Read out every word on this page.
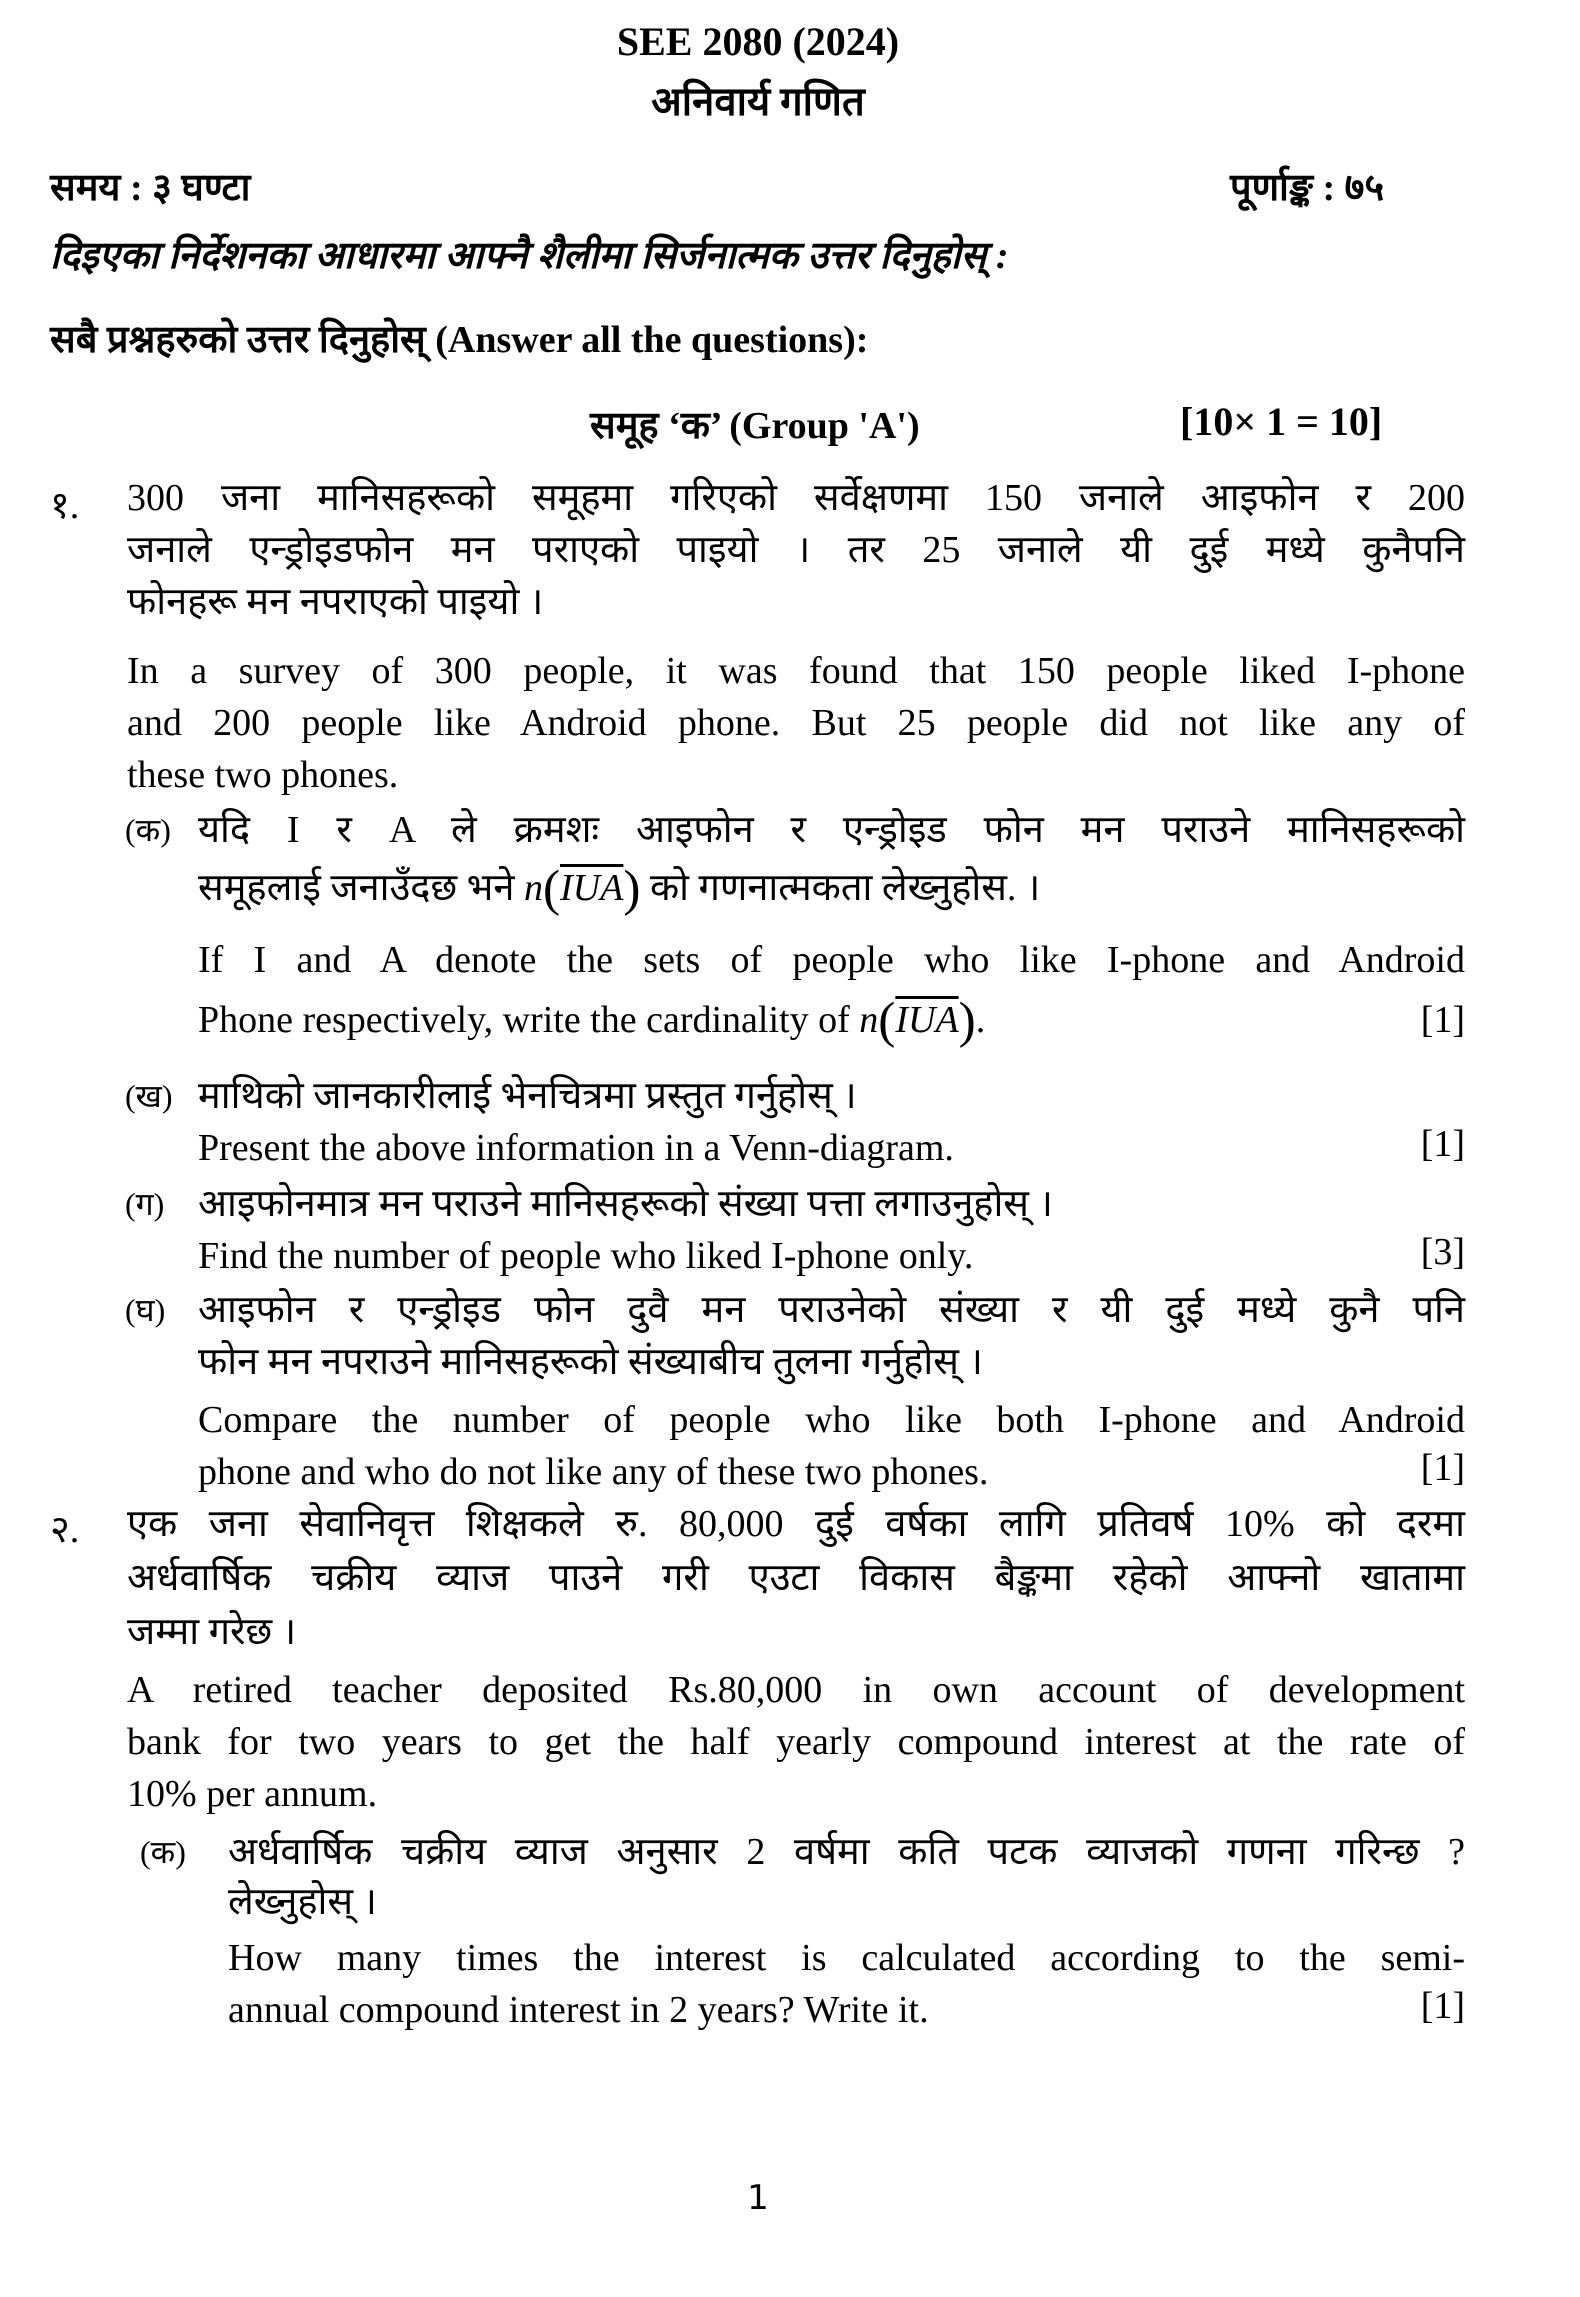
SEE 2080 (2024)
अनिवार्य गणित
समय : ३ घण्टा	पूर्णाङ्क : ७५
दिइएका निर्देशनका आधारमा आफ्नै शैलीमा सिर्जनात्मक उत्तर दिनुहोस् :
सबै प्रश्नहरुको उत्तर दिनुहोस् (Answer all the questions):
समूह ‘क’ (Group 'A')	[10× 1 = 10]
१. 300 जना मानिसहरूको समूहमा गरिएको सर्वेक्षणमा 150 जनाले आइफोन र 200
जनाले एन्ड्रोइडफोन मन पराएको पाइयो । तर 25 जनाले यी दुई मध्ये कुनैपनि
फोनहरू मन नपराएको पाइयो ।
In a survey of 300 people, it was found that 150 people liked I-phone
and 200 people like Android phone. But 25 people did not like any of
these two phones.
(क) यदि I र A ले क्रमशः आइफोन र एन्ड्रोइड फोन मन पराउने मानिसहरूको
समूहलाई जनाउँदछ भने $n(\overline{IUA})$ को गणनात्मकता लेख्नुहोस. ।
If I and A denote the sets of people who like I-phone and Android
Phone respectively, write the cardinality of $n(\overline{IUA})$.	[1]
(ख) माथिको जानकारीलाई भेनचित्रमा प्रस्तुत गर्नुहोस् ।
Present the above information in a Venn-diagram.	[1]
(ग) आइफोनमात्र मन पराउने मानिसहरूको संख्या पत्ता लगाउनुहोस् ।
Find the number of people who liked I-phone only.	[3]
(घ) आइफोन र एन्ड्रोइड फोन दुवै मन पराउनेको संख्या र यी दुई मध्ये कुनै पनि
फोन मन नपराउने मानिसहरूको संख्याबीच तुलना गर्नुहोस् ।
Compare the number of people who like both I-phone and Android
phone and who do not like any of these two phones.	[1]
२. एक जना सेवानिवृत्त शिक्षकले रु. 80,000 दुई वर्षका लागि प्रतिवर्ष 10% को दरमा
अर्धवार्षिक चक्रीय व्याज पाउने गरी एउटा विकास बैङ्कमा रहेको आफ्नो खातामा
जम्मा गरेछ ।
A retired teacher deposited Rs.80,000 in own account of development
bank for two years to get the half yearly compound interest at the rate of
10% per annum.
(क) अर्धवार्षिक चक्रीय व्याज अनुसार 2 वर्षमा कति पटक व्याजको गणना गरिन्छ ?
लेख्नुहोस् ।
How many times the interest is calculated according to the semi-
annual compound interest in 2 years? Write it.	[1]
1
